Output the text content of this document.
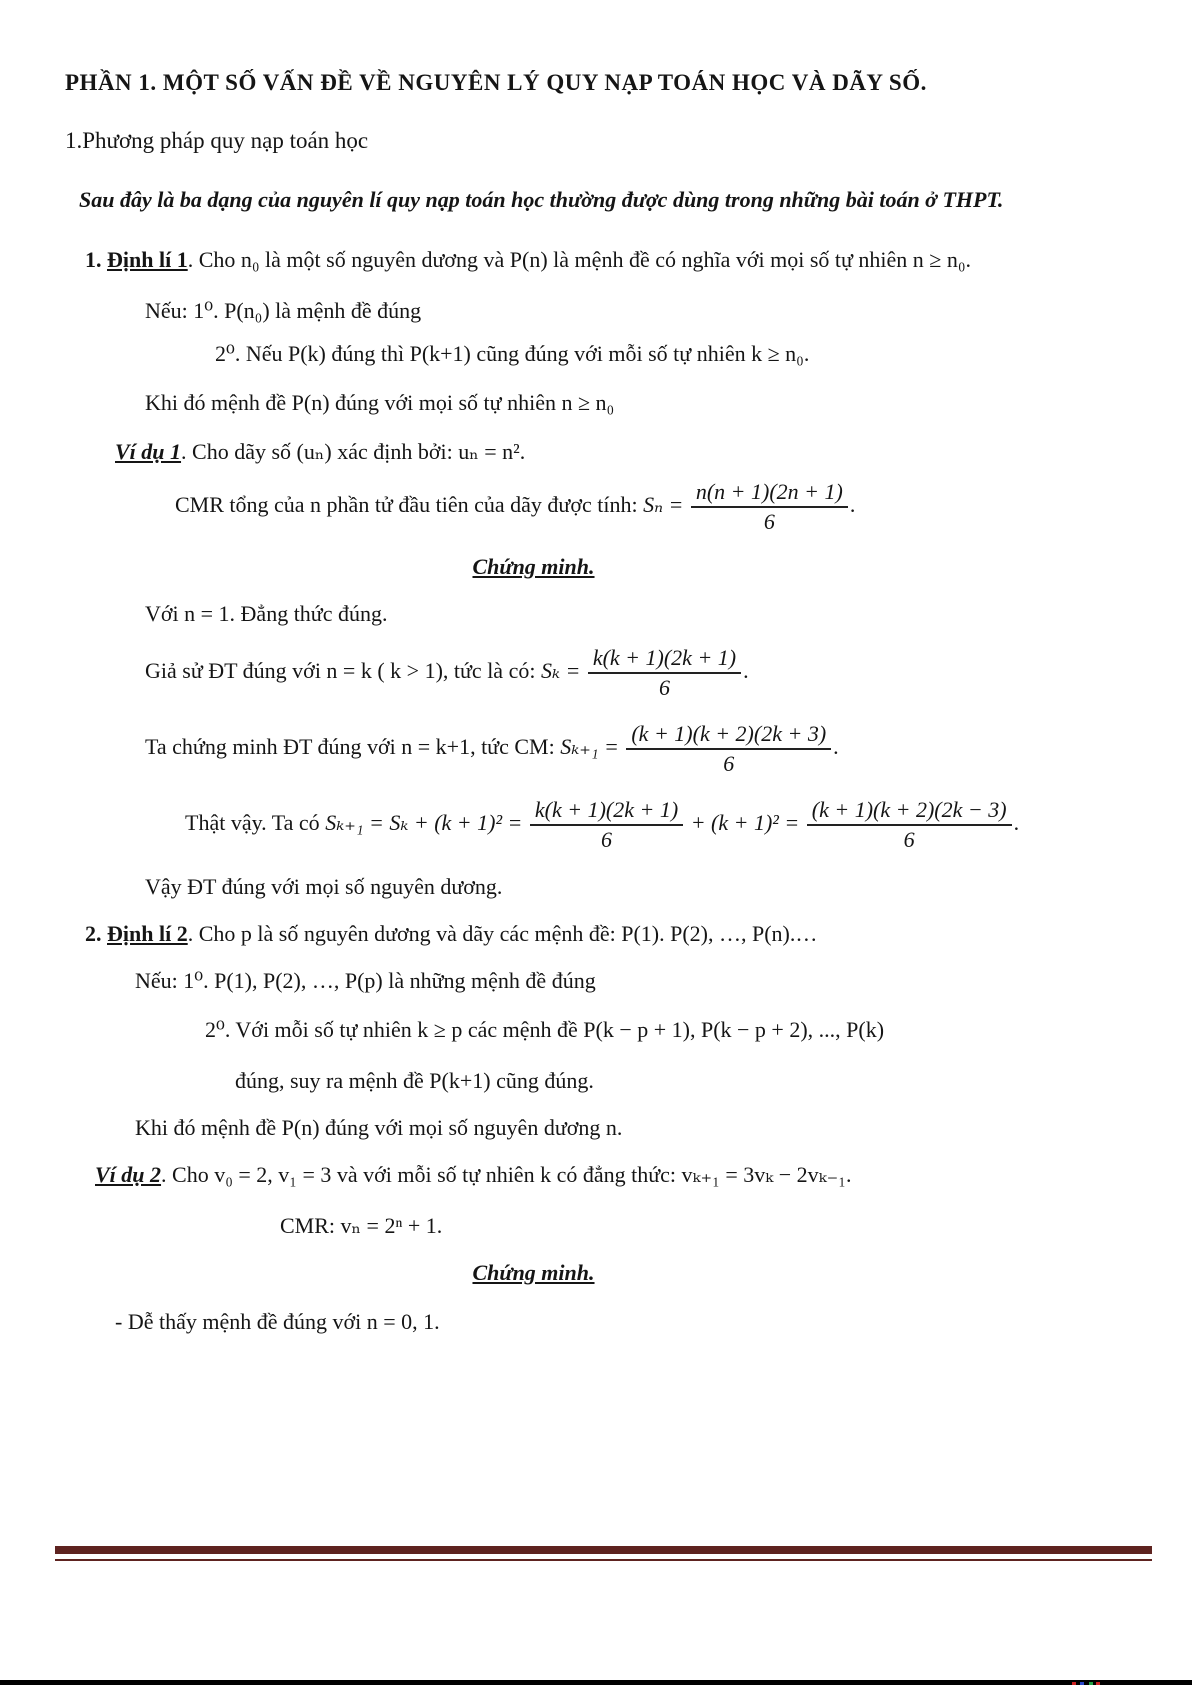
PHẦN 1. MỘT SỐ VẤN ĐỀ VỀ NGUYÊN LÝ QUY NẠP TOÁN HỌC VÀ DÃY SỐ.

1.Phương pháp quy nạp toán học

Sau đây là ba dạng của nguyên lí quy nạp toán học thường được dùng trong những bài toán ở THPT.

1. Định lí 1. Cho n₀ là một số nguyên dương và P(n) là mệnh đề có nghĩa với mọi số tự nhiên n ≥ n₀.

Nếu: 1⁰. P(n₀) là mệnh đề đúng

2⁰. Nếu P(k) đúng thì P(k+1) cũng đúng với mỗi số tự nhiên k ≥ n₀.

Khi đó mệnh đề P(n) đúng với mọi số tự nhiên n ≥ n₀

Ví dụ 1. Cho dãy số (uₙ) xác định bởi: uₙ = n².

CMR tổng của n phần tử đầu tiên của dãy được tính: $S_n = \frac{n(n + 1)(2n + 1)}{6}$ .

Chứng minh.

Với n = 1. Đẳng thức đúng.

Giả sử ĐT đúng với n = k ( k > 1), tức là có: $S_k = \frac{k(k + 1)(2k + 1)}{6}$ .

Ta chứng minh ĐT đúng với n = k+1, tức CM: $S_{k+1} = \frac{(k + 1)(k + 2)(2k + 3)}{6}$ .

Thật vậy. Ta có $S_{k+1} = S_k + (k + 1)^2 = \frac{k(k + 1)(2k + 1)}{6} + (k + 1)^2 = \frac{(k + 1)(k + 2)(2k - 3)}{6}$ .

Vậy ĐT đúng với mọi số nguyên dương.

2. Định lí 2. Cho p là số nguyên dương và dãy các mệnh đề: P(1). P(2), …, P(n).…

Nếu: 1⁰. P(1), P(2), …, P(p) là những mệnh đề đúng

2⁰. Với mỗi số tự nhiên k ≥ p các mệnh đề P(k − p + 1), P(k − p + 2), ..., P(k)

đúng, suy ra mệnh đề P(k+1) cũng đúng.

Khi đó mệnh đề P(n) đúng với mọi số nguyên dương n.

Ví dụ 2. Cho v₀ = 2, v₁ = 3 và với mỗi số tự nhiên k có đẳng thức: vₖ₊₁ = 3vₖ − 2vₖ₋₁.

CMR: vₙ = 2ⁿ + 1.

Chứng minh.

- Dễ thấy mệnh đề đúng với n = 0, 1.
